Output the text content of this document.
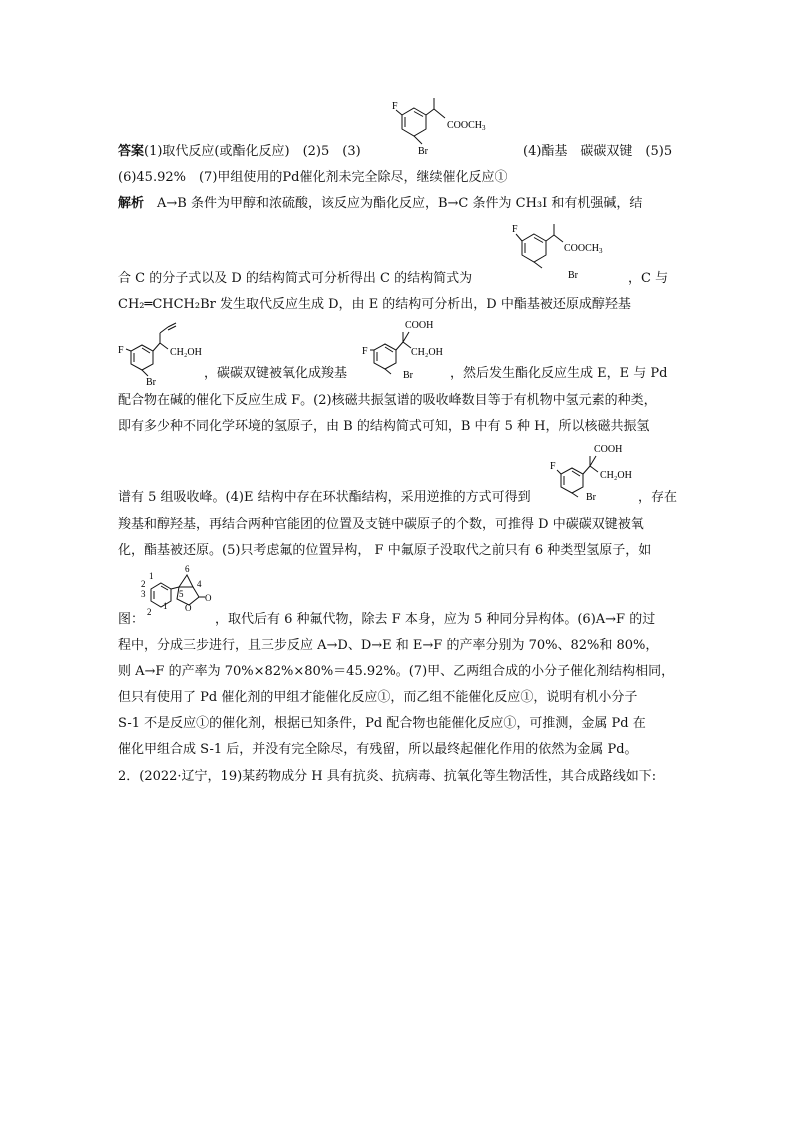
F
$COOCH_3$
Br
答案(1)取代反应(或酯化反应)　(2)5　(3)	(4)酯基　碳碳双键　(5)5
(6)45.92%　(7)甲组使用的Pd催化剂未完全除尽，继续催化反应①
解析　A→B 条件为甲醇和浓硫酸，该反应为酯化反应，B→C 条件为 CH₃I 和有机强碱，结
F
$COOCH_3$
Br
合 C 的分子式以及 D 的结构简式可分析得出 C 的结构简式为	，C 与
CH₂═CHCH₂Br 发生取代反应生成 D，由 E 的结构可分析出，D 中酯基被还原成醇羟基
F	CH₂OH
Br
F
COOH
CH₂OH
Br
，碳碳双键被氧化成羧基	，然后发生酯化反应生成 E，E 与 Pd
配合物在碱的催化下反应生成 F。(2)核磁共振氢谱的吸收峰数目等于有机物中氢元素的种类，
即有多少种不同化学环境的氢原子，由 B 的结构简式可知，B 中有 5 种 H，所以核磁共振氢
F
COOH
CH₂OH
Br
谱有 5 组吸收峰。(4)E 结构中存在环状酯结构，采用逆推的方式可得到	，存在
羧基和醇羟基，再结合两种官能团的位置及支链中碳原子的个数，可推得 D 中碳碳双键被氧
化，酯基被还原。(5)只考虑氟的位置异构， F 中氟原子没取代之前只有 6 种类型氢原子，如
1
2
3
2
1
6
4
5
O
O
图：	，取代后有 6 种氟代物，除去 F 本身，应为 5 种同分异构体。(6)A→F 的过
程中，分成三步进行，且三步反应 A→D、D→E 和 E→F 的产率分别为 70%、82%和 80%，
则 A→F 的产率为 70%×82%×80%＝45.92%。(7)甲、乙两组合成的小分子催化剂结构相同，
但只有使用了 Pd 催化剂的甲组才能催化反应①，而乙组不能催化反应①，说明有机小分子
S-1 不是反应①的催化剂，根据已知条件，Pd 配合物也能催化反应①，可推测，金属 Pd 在
催化甲组合成 S-1 后，并没有完全除尽，有残留，所以最终起催化作用的依然为金属 Pd。
2．(2022·辽宁，19)某药物成分 H 具有抗炎、抗病毒、抗氧化等生物活性，其合成路线如下:
